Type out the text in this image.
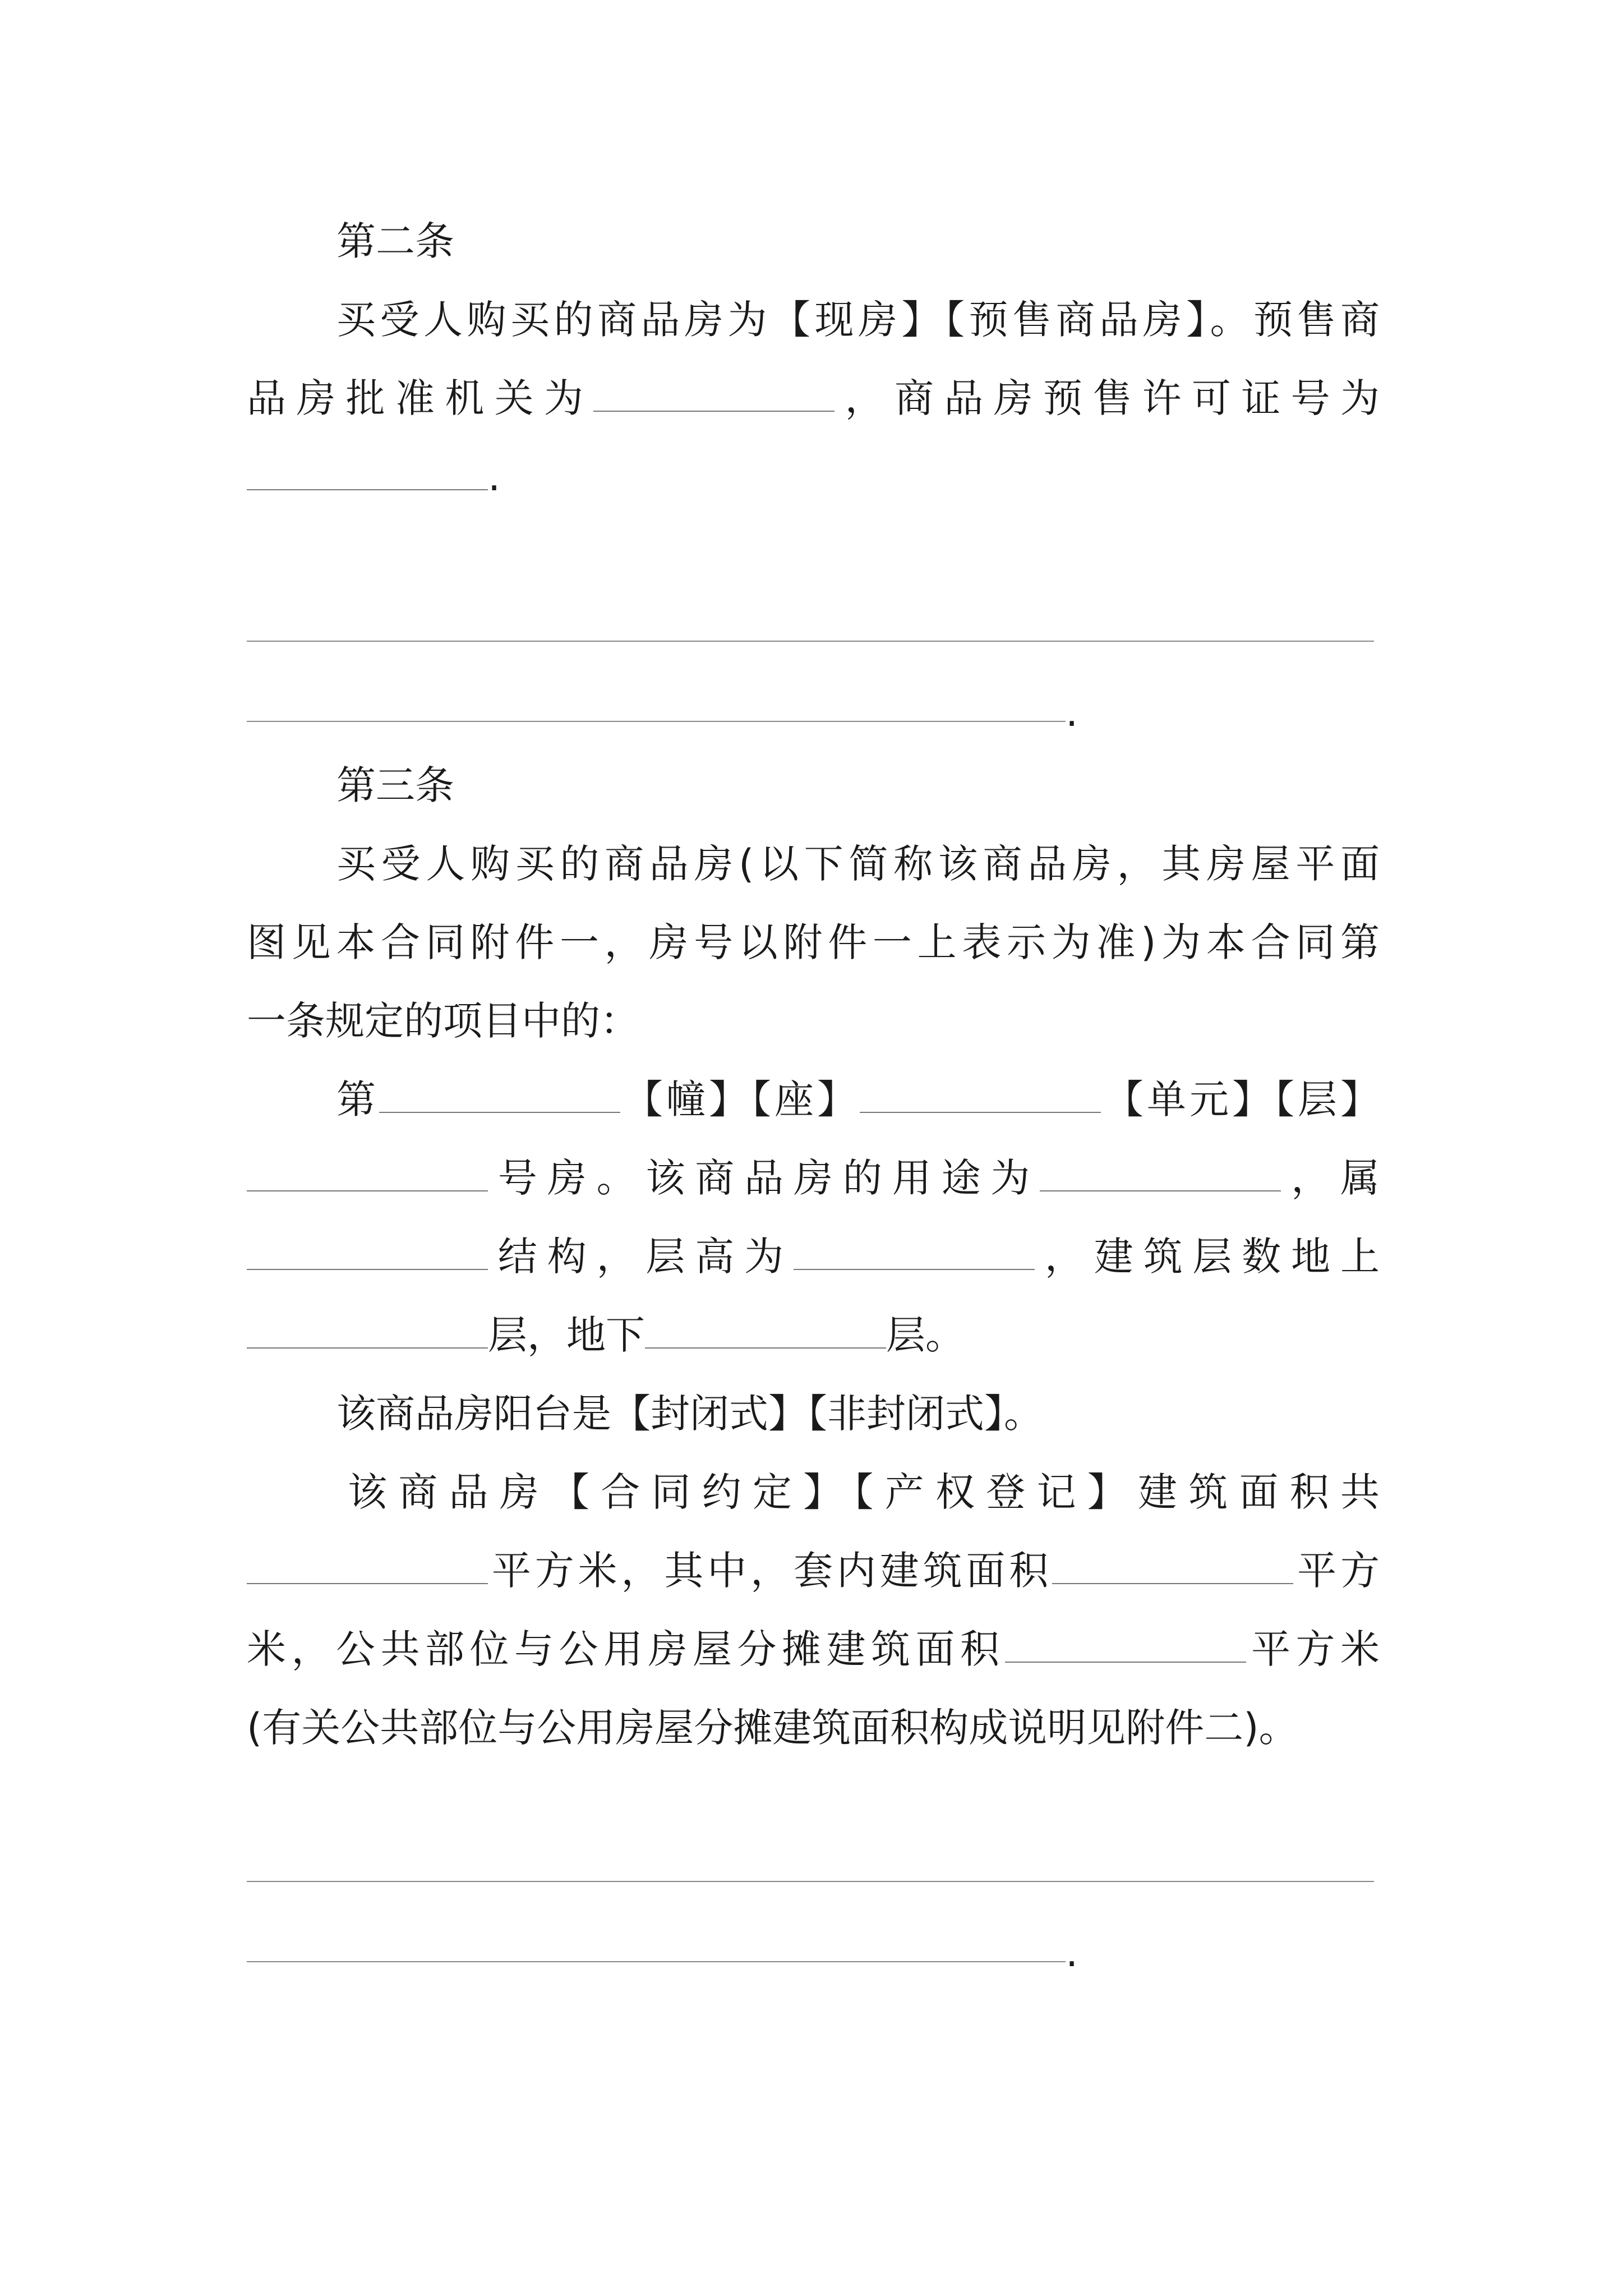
第二条
买受人购买的商品房为【现房】【预售商品房】。预售商
品房批准机关为	，商品房预售许可证号为
.
.
第三条
买受人购买的商品房(以下简称该商品房，其房屋平面
图见本合同附件一，房号以附件一上表示为准)为本合同第
一条规定的项目中的：
第	【幢】【座】	【单元】【层】
号房。该商品房的用途为	，属
结构，层高为	，建筑层数地上
层，地下	层。
该商品房阳台是【封闭式】【非封闭式】。
该商品房【合同约定】【产权登记】建筑面积共
平方米，其中，套内建筑面积	平方
米，公共部位与公用房屋分摊建筑面积	平方米
(有关公共部位与公用房屋分摊建筑面积构成说明见附件二)。
.
